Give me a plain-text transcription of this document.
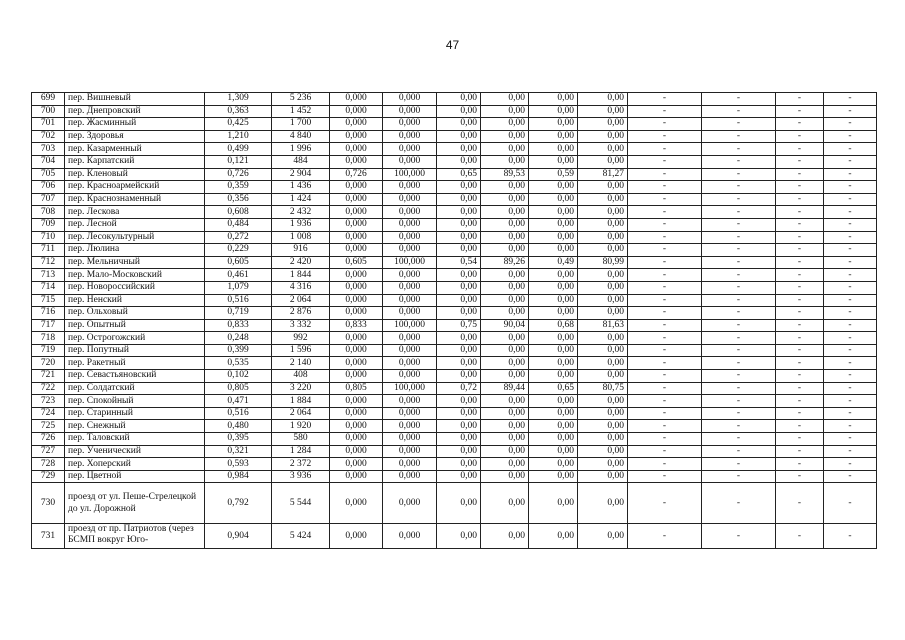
47
699	пер. Вишневый	1,309	5 236	0,000	0,000	0,00	0,00	0,00	0,00	-	-	-	-
700	пер. Днепровский	0,363	1 452	0,000	0,000	0,00	0,00	0,00	0,00	-	-	-	-
701	пер. Жасминный	0,425	1 700	0,000	0,000	0,00	0,00	0,00	0,00	-	-	-	-
702	пер. Здоровья	1,210	4 840	0,000	0,000	0,00	0,00	0,00	0,00	-	-	-	-
703	пер. Казарменный	0,499	1 996	0,000	0,000	0,00	0,00	0,00	0,00	-	-	-	-
704	пер. Карпатский	0,121	484	0,000	0,000	0,00	0,00	0,00	0,00	-	-	-	-
705	пер. Кленовый	0,726	2 904	0,726	100,000	0,65	89,53	0,59	81,27	-	-	-	-
706	пер. Красноармейский	0,359	1 436	0,000	0,000	0,00	0,00	0,00	0,00	-	-	-	-
707	пер. Краснознаменный	0,356	1 424	0,000	0,000	0,00	0,00	0,00	0,00	-	-	-	-
708	пер. Лескова	0,608	2 432	0,000	0,000	0,00	0,00	0,00	0,00	-	-	-	-
709	пер. Лесной	0,484	1 936	0,000	0,000	0,00	0,00	0,00	0,00	-	-	-	-
710	пер. Лесокультурный	0,272	1 008	0,000	0,000	0,00	0,00	0,00	0,00	-	-	-	-
711	пер. Люлина	0,229	916	0,000	0,000	0,00	0,00	0,00	0,00	-	-	-	-
712	пер. Мельничный	0,605	2 420	0,605	100,000	0,54	89,26	0,49	80,99	-	-	-	-
713	пер. Мало-Московский	0,461	1 844	0,000	0,000	0,00	0,00	0,00	0,00	-	-	-	-
714	пер. Новороссийский	1,079	4 316	0,000	0,000	0,00	0,00	0,00	0,00	-	-	-	-
715	пер. Ненский	0,516	2 064	0,000	0,000	0,00	0,00	0,00	0,00	-	-	-	-
716	пер. Ольховый	0,719	2 876	0,000	0,000	0,00	0,00	0,00	0,00	-	-	-	-
717	пер. Опытный	0,833	3 332	0,833	100,000	0,75	90,04	0,68	81,63	-	-	-	-
718	пер. Острогожский	0,248	992	0,000	0,000	0,00	0,00	0,00	0,00	-	-	-	-
719	пер. Попутный	0,399	1 596	0,000	0,000	0,00	0,00	0,00	0,00	-	-	-	-
720	пер. Ракетный	0,535	2 140	0,000	0,000	0,00	0,00	0,00	0,00	-	-	-	-
721	пер. Севастьяновский	0,102	408	0,000	0,000	0,00	0,00	0,00	0,00	-	-	-	-
722	пер. Солдатский	0,805	3 220	0,805	100,000	0,72	89,44	0,65	80,75	-	-	-	-
723	пер. Спокойный	0,471	1 884	0,000	0,000	0,00	0,00	0,00	0,00	-	-	-	-
724	пер. Старинный	0,516	2 064	0,000	0,000	0,00	0,00	0,00	0,00	-	-	-	-
725	пер. Снежный	0,480	1 920	0,000	0,000	0,00	0,00	0,00	0,00	-	-	-	-
726	пер. Таловский	0,395	580	0,000	0,000	0,00	0,00	0,00	0,00	-	-	-	-
727	пер. Ученический	0,321	1 284	0,000	0,000	0,00	0,00	0,00	0,00	-	-	-	-
728	пер. Хоперский	0,593	2 372	0,000	0,000	0,00	0,00	0,00	0,00	-	-	-	-
729	пер. Цветной	0,984	3 936	0,000	0,000	0,00	0,00	0,00	0,00	-	-	-	-
730	проезд от ул. Пеше-Стрелецкой до ул. Дорожной	0,792	5 544	0,000	0,000	0,00	0,00	0,00	0,00	-	-	-	-
731	проезд от пр. Патриотов (через БСМП вокруг Юго-	0,904	5 424	0,000	0,000	0,00	0,00	0,00	0,00	-	-	-	-
